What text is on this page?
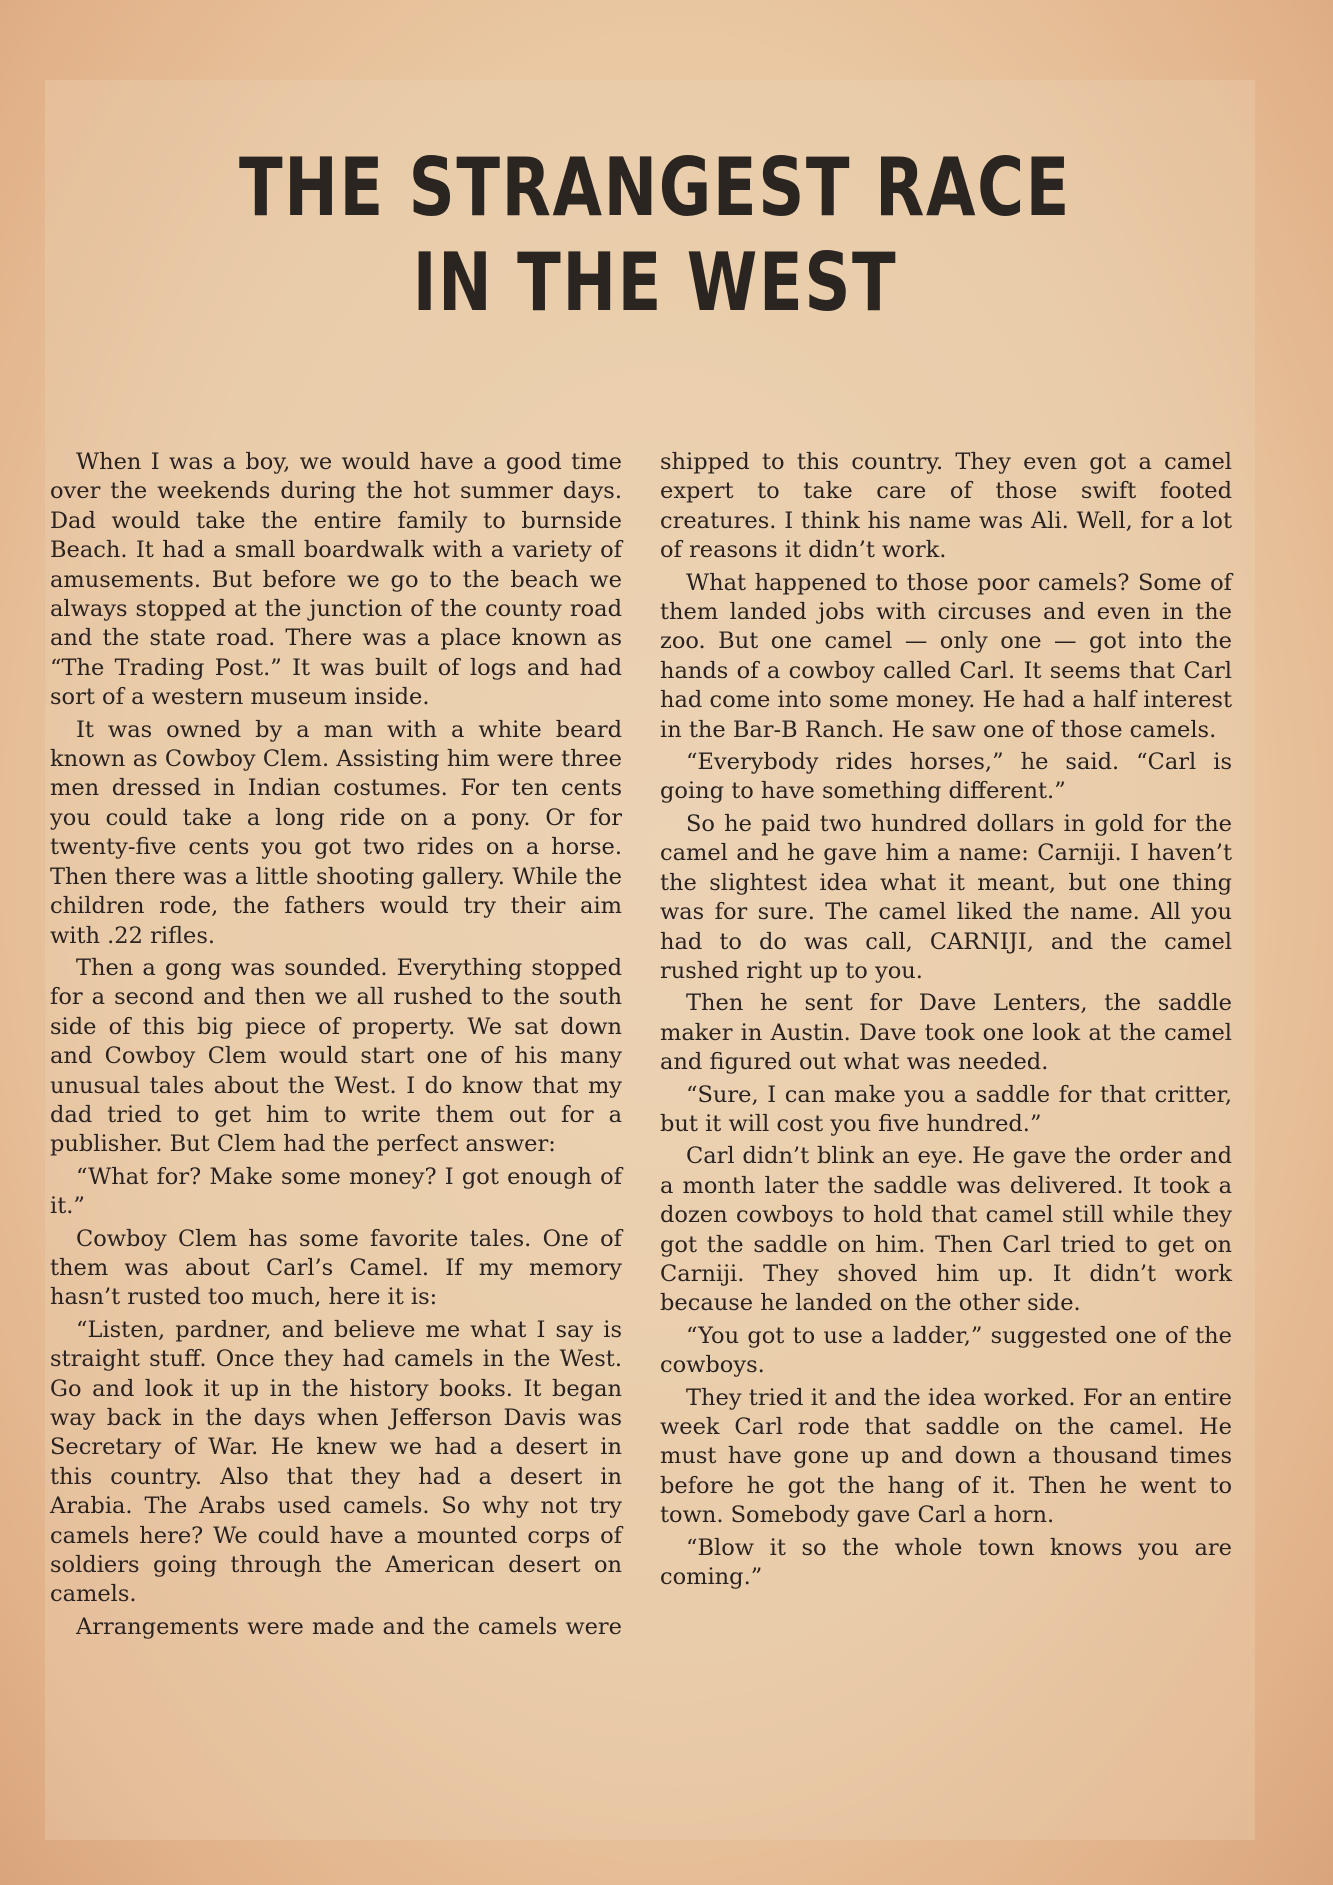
THE STRANGEST RACE
IN THE WEST

When I was a boy, we would have a good time over the weekends during the hot summer days. Dad would take the entire family to burnside Beach. It had a small boardwalk with a variety of amusements. But before we go to the beach we always stopped at the junction of the county road and the state road. There was a place known as “The Trading Post.” It was built of logs and had sort of a western museum inside.

It was owned by a man with a white beard known as Cowboy Clem. Assisting him were three men dressed in Indian costumes. For ten cents you could take a long ride on a pony. Or for twenty-five cents you got two rides on a horse. Then there was a little shooting gallery. While the children rode, the fathers would try their aim with .22 rifles.

Then a gong was sounded. Everything stopped for a second and then we all rushed to the south side of this big piece of property. We sat down and Cowboy Clem would start one of his many unusual tales about the West. I do know that my dad tried to get him to write them out for a publisher. But Clem had the perfect answer:

“What for? Make some money? I got enough of it.”

Cowboy Clem has some favorite tales. One of them was about Carl’s Camel. If my memory hasn’t rusted too much, here it is:

“Listen, pardner, and believe me what I say is straight stuff. Once they had camels in the West. Go and look it up in the history books. It began way back in the days when Jefferson Davis was Secretary of War. He knew we had a desert in this country. Also that they had a desert in Arabia. The Arabs used camels. So why not try camels here? We could have a mounted corps of soldiers going through the American desert on camels.

Arrangements were made and the camels were

shipped to this country. They even got a camel expert to take care of those swift footed creatures. I think his name was Ali. Well, for a lot of reasons it didn’t work.

What happened to those poor camels? Some of them landed jobs with circuses and even in the zoo. But one camel — only one — got into the hands of a cowboy called Carl. It seems that Carl had come into some money. He had a half interest in the Bar-B Ranch. He saw one of those camels.

“Everybody rides horses,” he said. “Carl is going to have something different.”

So he paid two hundred dollars in gold for the camel and he gave him a name: Carniji. I haven’t the slightest idea what it meant, but one thing was for sure. The camel liked the name. All you had to do was call, CARNIJI, and the camel rushed right up to you.

Then he sent for Dave Lenters, the saddle maker in Austin. Dave took one look at the camel and figured out what was needed.

“Sure, I can make you a saddle for that critter, but it will cost you five hundred.”

Carl didn’t blink an eye. He gave the order and a month later the saddle was delivered. It took a dozen cowboys to hold that camel still while they got the saddle on him. Then Carl tried to get on Carniji. They shoved him up. It didn’t work because he landed on the other side.

“You got to use a ladder,” suggested one of the cowboys.

They tried it and the idea worked. For an entire week Carl rode that saddle on the camel. He must have gone up and down a thousand times before he got the hang of it. Then he went to town. Somebody gave Carl a horn.

“Blow it so the whole town knows you are coming.”
